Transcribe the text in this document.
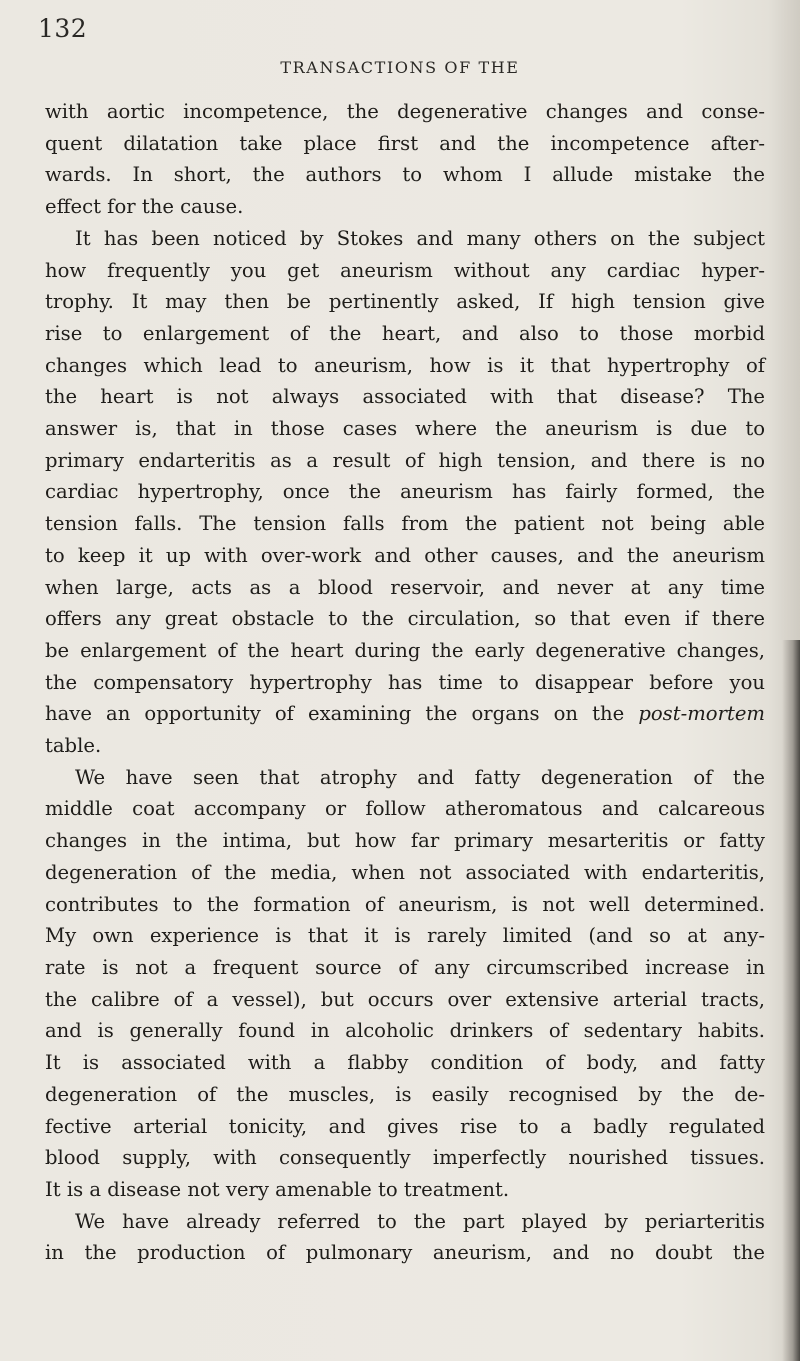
132
TRANSACTIONS OF THE

with aortic incompetence, the degenerative changes and conse-
quent dilatation take place first and the incompetence after-
wards. In short, the authors to whom I allude mistake the
effect for the cause.

It has been noticed by Stokes and many others on the subject
how frequently you get aneurism without any cardiac hyper-
trophy. It may then be pertinently asked, If high tension give
rise to enlargement of the heart, and also to those morbid
changes which lead to aneurism, how is it that hypertrophy of
the heart is not always associated with that disease? The
answer is, that in those cases where the aneurism is due to
primary endarteritis as a result of high tension, and there is no
cardiac hypertrophy, once the aneurism has fairly formed, the
tension falls. The tension falls from the patient not being able
to keep it up with over-work and other causes, and the aneurism
when large, acts as a blood reservoir, and never at any time
offers any great obstacle to the circulation, so that even if there
be enlargement of the heart during the early degenerative changes,
the compensatory hypertrophy has time to disappear before you
have an opportunity of examining the organs on the post-mortem
table.

We have seen that atrophy and fatty degeneration of the
middle coat accompany or follow atheromatous and calcareous
changes in the intima, but how far primary mesarteritis or fatty
degeneration of the media, when not associated with endarteritis,
contributes to the formation of aneurism, is not well determined.
My own experience is that it is rarely limited (and so at any-
rate is not a frequent source of any circumscribed increase in
the calibre of a vessel), but occurs over extensive arterial tracts,
and is generally found in alcoholic drinkers of sedentary habits.
It is associated with a flabby condition of body, and fatty
degeneration of the muscles, is easily recognised by the de-
fective arterial tonicity, and gives rise to a badly regulated
blood supply, with consequently imperfectly nourished tissues.
It is a disease not very amenable to treatment.

We have already referred to the part played by periarteritis
in the production of pulmonary aneurism, and no doubt the
